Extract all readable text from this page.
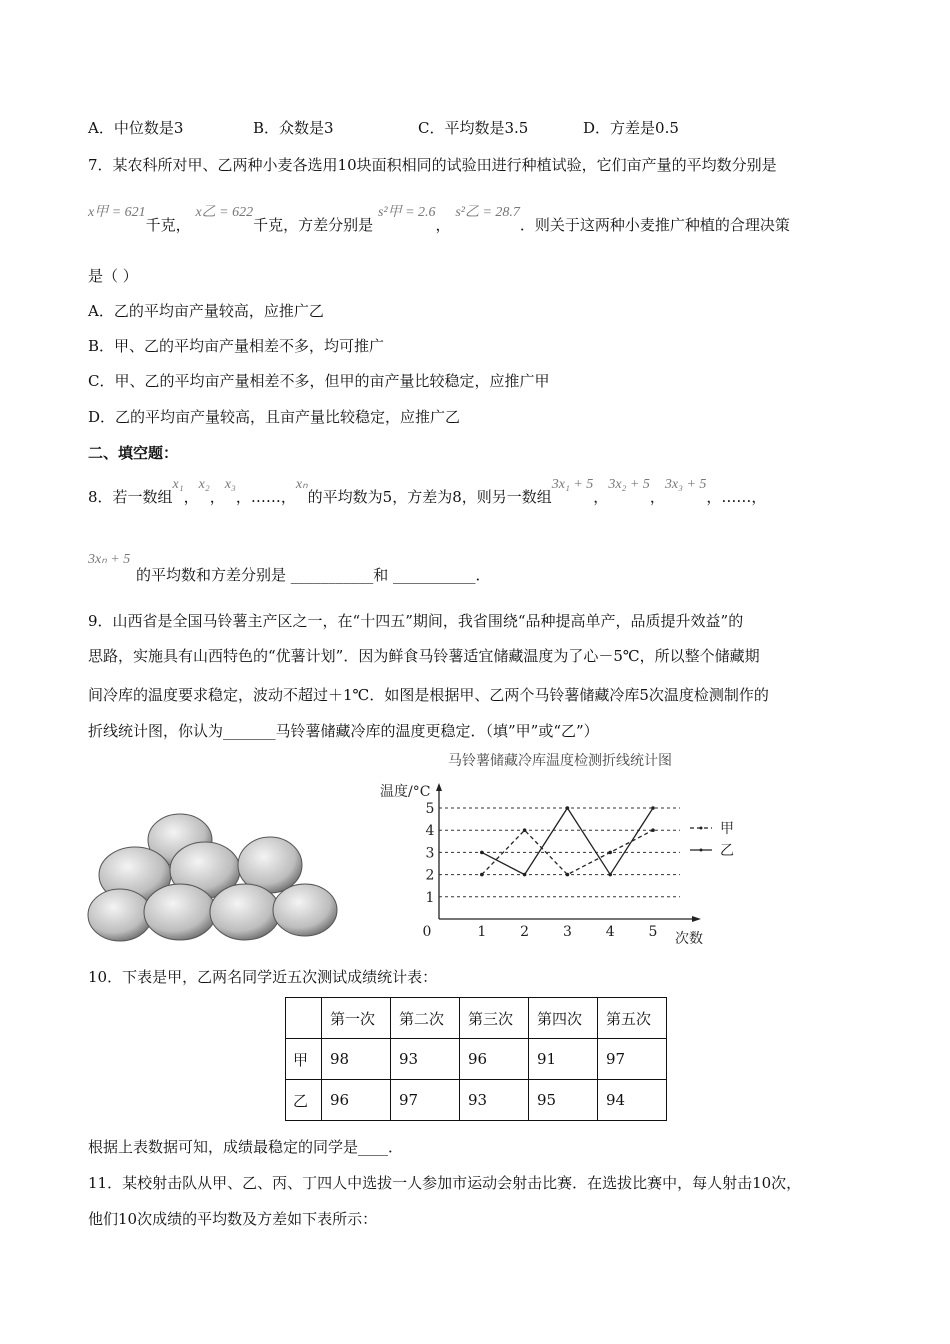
A．中位数是3	B．众数是3	C．平均数是3.5	D．方差是0.5
7．某农科所对甲、乙两种小麦各选用10块面积相同的试验田进行种植试验，它们亩产量的平均数分别是
x甲 = 621千克， x乙 = 622千克，方差分别是 s²甲 = 2.6， s²乙 = 28.7．则关于这两种小麦推广种植的合理决策
是（ ）
A．乙的平均亩产量较高，应推广乙
B．甲、乙的平均亩产量相差不多，均可推广
C．甲、乙的平均亩产量相差不多，但甲的亩产量比较稳定，应推广甲
D．乙的平均亩产量较高，且亩产量比较稳定，应推广乙
二、填空题：
8．若一数组x₁，x₂，x₃，……，xₙ的平均数为5，方差为8，则另一数组3x₁ + 5，3x₂ + 5，3x₃ + 5，……，
3xₙ + 5
的平均数和方差分别是 ___________和 ___________．
9．山西省是全国马铃薯主产区之一，在“十四五”期间，我省围绕“品种提高单产，品质提升效益”的
思路，实施具有山西特色的“优薯计划”．因为鲜食马铃薯适宜储藏温度为了心－5℃，所以整个储藏期
间冷库的温度要求稳定，波动不超过＋1℃．如图是根据甲、乙两个马铃薯储藏冷库5次温度检测制作的
折线统计图，你认为_______马铃薯储藏冷库的温度更稳定．（填”甲”或“乙”）
马铃薯储藏冷库温度检测折线统计图
温度/°C
次数
0
1
2
3
4
5
1 2 3 4 5
甲
乙
10．下表是甲，乙两名同学近五次测试成绩统计表：
	第一次	第二次	第三次	第四次	第五次
甲	98	93	96	91	97
乙	96	97	93	95	94
根据上表数据可知，成绩最稳定的同学是____．
11．某校射击队从甲、乙、丙、丁四人中选拔一人参加市运动会射击比赛．在选拔比赛中，每人射击10次，
他们10次成绩的平均数及方差如下表所示：
